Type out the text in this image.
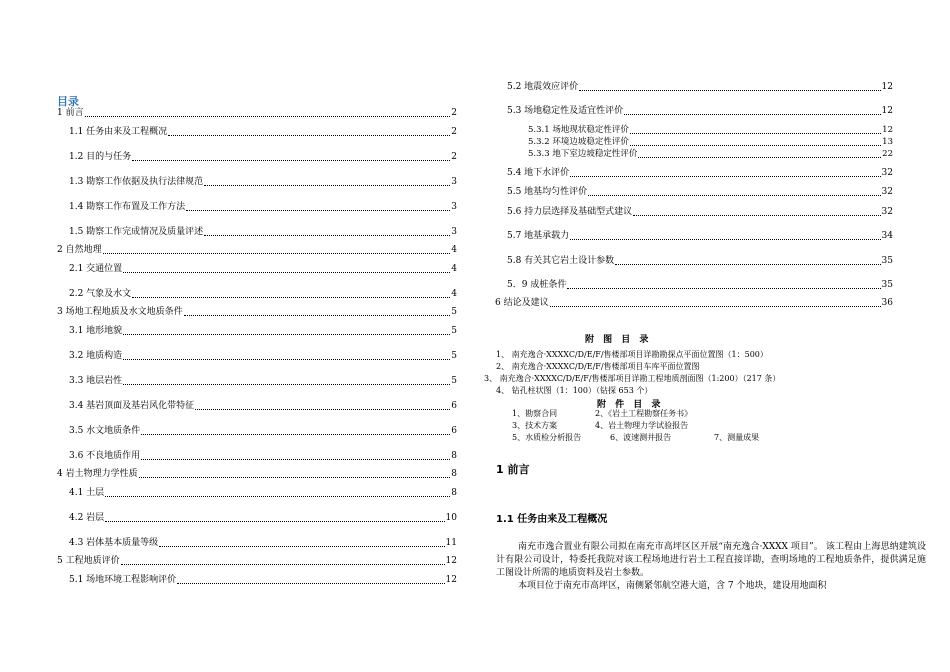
目录
1 前言	2
1.1 任务由来及工程概况	2
1.2 目的与任务	2
1.3 勘察工作依据及执行法律规范	3
1.4 勘察工作布置及工作方法	3
1.5 勘察工作完成情况及质量评述	3
2 自然地理	4
2.1 交通位置	4
2.2 气象及水文	4
3 场地工程地质及水文地质条件	5
3.1 地形地貌	5
3.2 地质构造	5
3.3 地层岩性	5
3.4 基岩顶面及基岩风化带特征	6
3.5 水文地质条件	6
3.6 不良地质作用	8
4 岩土物理力学性质	8
4.1 土层	8
4.2 岩层	10
4.3 岩体基本质量等级	11
5 工程地质评价	12
5.1 场地环境工程影响评价	12
5.2 地震效应评价	12
5.3 场地稳定性及适宜性评价	12
5.3.1 场地现状稳定性评价	12
5.3.2 环境边坡稳定性评价	13
5.3.3 地下室边坡稳定性评价	22
5.4 地下水评价	32
5.5 地基均匀性评价	32
5.6 持力层选择及基础型式建议	32
5.7 地基承载力	34
5.8 有关其它岩土设计参数	35
5．9 成桩条件	35
6 结论及建议	36
附 图 目 录
1、 南充逸合·XXXXC/D/E/F/售楼部项目详勘勘探点平面位置图（1：500）
2、 南充逸合·XXXXC/D/E/F/售楼部项目车库平面位置图
3、 南充逸合·XXXXC/D/E/F/售楼部项目详勘工程地质剖面图（1:200）（217 条）
4、 钻孔柱状图（1：100）（钻探 653 个）
附 件 目 录
1、勘察合同	2、《岩土工程勘察任务书》
3、技术方案	4、岩土物理力学试验报告
5、水质检分析报告	6、波速测井报告	7、测量成果
1 前言
1.1 任务由来及工程概况
南充市逸合置业有限公司拟在南充市高坪区区开展“南充逸合·XXXX 项目”。 该工程由上海思纳建筑设计有限公司设计，特委托我院对该工程场地进行岩土工程直接详勘，查明场地的工程地质条件，提供满足施工图设计所需的地质资料及岩土参数。
本项目位于南充市高坪区，南侧紧邻航空港大道，含 7 个地块，建设用地面积
